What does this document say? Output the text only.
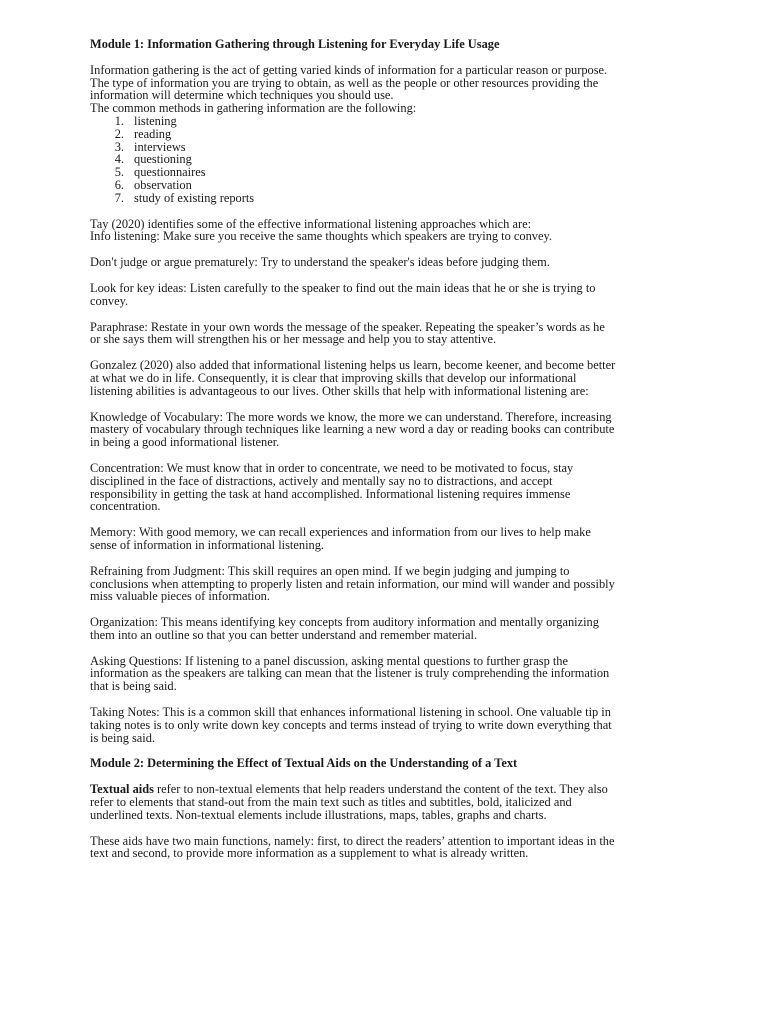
Module 1: Information Gathering through Listening for Everyday Life Usage

Information gathering is the act of getting varied kinds of information for a particular reason or purpose.

The type of information you are trying to obtain, as well as the people or other resources providing the

information will determine which techniques you should use.

The common methods in gathering information are the following:

1. listening
2. reading
3. interviews
4. questioning
5. questionnaires
6. observation
7. study of existing reports

Tay (2020) identifies some of the effective informational listening approaches which are:

Info listening: Make sure you receive the same thoughts which speakers are trying to convey.

Don't judge or argue prematurely: Try to understand the speaker's ideas before judging them.

Look for key ideas: Listen carefully to the speaker to find out the main ideas that he or she is trying to

convey.

Paraphrase: Restate in your own words the message of the speaker. Repeating the speaker’s words as he

or she says them will strengthen his or her message and help you to stay attentive.

Gonzalez (2020) also added that informational listening helps us learn, become keener, and become better

at what we do in life. Consequently, it is clear that improving skills that develop our informational

listening abilities is advantageous to our lives. Other skills that help with informational listening are:

Knowledge of Vocabulary: The more words we know, the more we can understand. Therefore, increasing

mastery of vocabulary through techniques like learning a new word a day or reading books can contribute

in being a good informational listener.

Concentration: We must know that in order to concentrate, we need to be motivated to focus, stay

disciplined in the face of distractions, actively and mentally say no to distractions, and accept

responsibility in getting the task at hand accomplished. Informational listening requires immense

concentration.

Memory: With good memory, we can recall experiences and information from our lives to help make

sense of information in informational listening.

Refraining from Judgment: This skill requires an open mind. If we begin judging and jumping to

conclusions when attempting to properly listen and retain information, our mind will wander and possibly

miss valuable pieces of information.

Organization: This means identifying key concepts from auditory information and mentally organizing

them into an outline so that you can better understand and remember material.

Asking Questions: If listening to a panel discussion, asking mental questions to further grasp the

information as the speakers are talking can mean that the listener is truly comprehending the information

that is being said.

Taking Notes: This is a common skill that enhances informational listening in school. One valuable tip in

taking notes is to only write down key concepts and terms instead of trying to write down everything that

is being said.

Module 2: Determining the Effect of Textual Aids on the Understanding of a Text

Textual aids refer to non-textual elements that help readers understand the content of the text. They also

refer to elements that stand-out from the main text such as titles and subtitles, bold, italicized and

underlined texts. Non-textual elements include illustrations, maps, tables, graphs and charts.

These aids have two main functions, namely: first, to direct the readers’ attention to important ideas in the

text and second, to provide more information as a supplement to what is already written.
